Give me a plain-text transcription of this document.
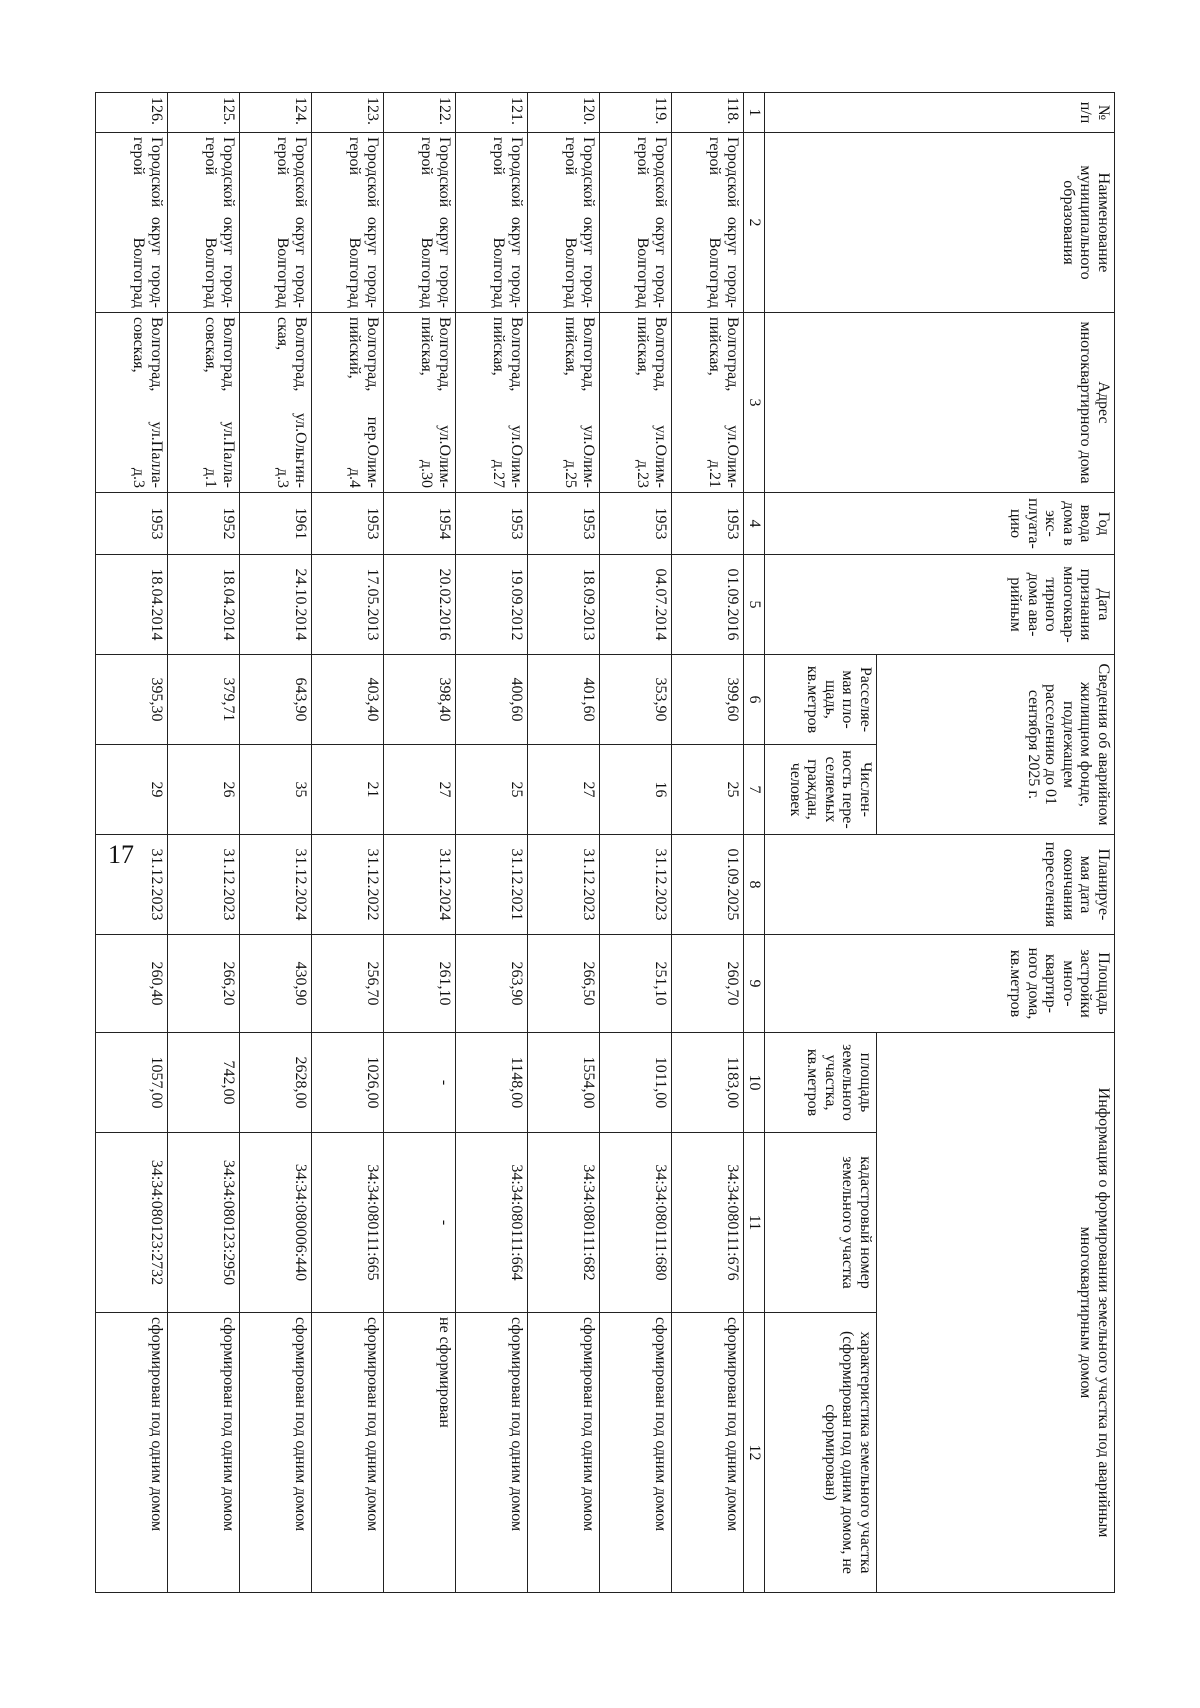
17
№ п/п	Наименование муниципального образования	Адрес многоквартирного дома	Год ввода дома в экс-плуата-цию	Дата признания многоквар-тирного дома ава-рийным	Сведения об аварийном жилищном фонде, подлежащем расселению до 01 сентября 2025 г.		Планируе-мая дата окончания переселения	Площадь застройки много-квартир-ного дома, кв.метров	Информация о формировании земельного участка под аварийным многоквартирным домом		
					Расселяе-мая пло-щадь, кв.метров	Числен-ность пере-селяемых граждан, человек			площадь земельного участка, кв.метров	кадастровый номер земельного участка	характеристика земельного участка (сформирован под одним домом, не сформирован)
1	2	3	4	5	6	7	8	9	10	11	12
118.	Городской округ город-герой Волгоград	Волгоград, ул.Олим-пийская, д.21	1953	01.09.2016	399,60	25	01.09.2025	260,70	1183,00	34:34:080111:676	сформирован под одним домом
119.	Городской округ город-герой Волгоград	Волгоград, ул.Олим-пийская, д.23	1953	04.07.2014	353,90	16	31.12.2023	251,10	1011,00	34:34:080111:680	сформирован под одним домом
120.	Городской округ город-герой Волгоград	Волгоград, ул.Олим-пийская, д.25	1953	18.09.2013	401,60	27	31.12.2023	266,50	1554,00	34:34:080111:682	сформирован под одним домом
121.	Городской округ город-герой Волгоград	Волгоград, ул.Олим-пийская, д.27	1953	19.09.2012	400,60	25	31.12.2021	263,90	1148,00	34:34:080111:664	сформирован под одним домом
122.	Городской округ город-герой Волгоград	Волгоград, ул.Олим-пийская, д.30	1954	20.02.2016	398,40	27	31.12.2024	261,10	-	-	не сформирован
123.	Городской округ город-герой Волгоград	Волгоград, пер.Олим-пийский, д.4	1953	17.05.2013	403,40	21	31.12.2022	256,70	1026,00	34:34:080111:665	сформирован под одним домом
124.	Городской округ город-герой Волгоград	Волгоград, ул.Ольгин-ская, д.3	1961	24.10.2014	643,90	35	31.12.2024	430,90	2628,00	34:34:080006:440	сформирован под одним домом
125.	Городской округ город-герой Волгоград	Волгоград, ул.Палла-совская, д.1	1952	18.04.2014	379,71	26	31.12.2023	266,20	742,00	34:34:080123:2950	сформирован под одним домом
126.	Городской округ город-герой Волгоград	Волгоград, ул.Палла-совская, д.3	1953	18.04.2014	395,30	29	31.12.2023	260,40	1057,00	34:34:080123:2732	сформирован под одним домом
